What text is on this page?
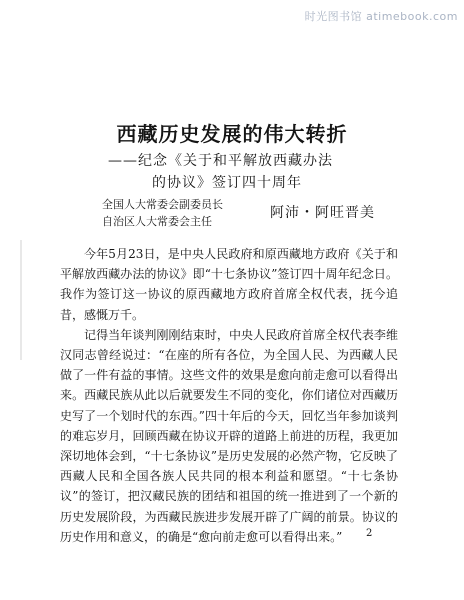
时光图书馆 atimebook.com
西藏历史发展的伟大转折
——纪念《关于和平解放西藏办法
的协议》签订四十周年
全国人大常委会副委员长
自治区人大常委会主任
阿沛・阿旺晋美

今年5月23日，是中央人民政府和原西藏地方政府《关于和平解放西藏办法的协议》即“十七条协议”签订四十周年纪念日。我作为签订这一协议的原西藏地方政府首席全权代表，抚今追昔，感慨万千。

记得当年谈判刚刚结束时，中央人民政府首席全权代表李维汉同志曾经说过：“在座的所有各位，为全国人民、为西藏人民做了一件有益的事情。这些文件的效果是愈向前走愈可以看得出来。西藏民族从此以后就要发生不同的变化，你们诸位对西藏历史写了一个划时代的东西。”四十年后的今天，回忆当年参加谈判的难忘岁月，回顾西藏在协议开辟的道路上前进的历程，我更加深切地体会到，“十七条协议”是历史发展的必然产物，它反映了西藏人民和全国各族人民共同的根本利益和愿望。“十七条协议”的签订，把汉藏民族的团结和祖国的统一推进到了一个新的历史发展阶段，为西藏民族进步发展开辟了广阔的前景。协议的历史作用和意义，的确是“愈向前走愈可以看得出来。”	2
